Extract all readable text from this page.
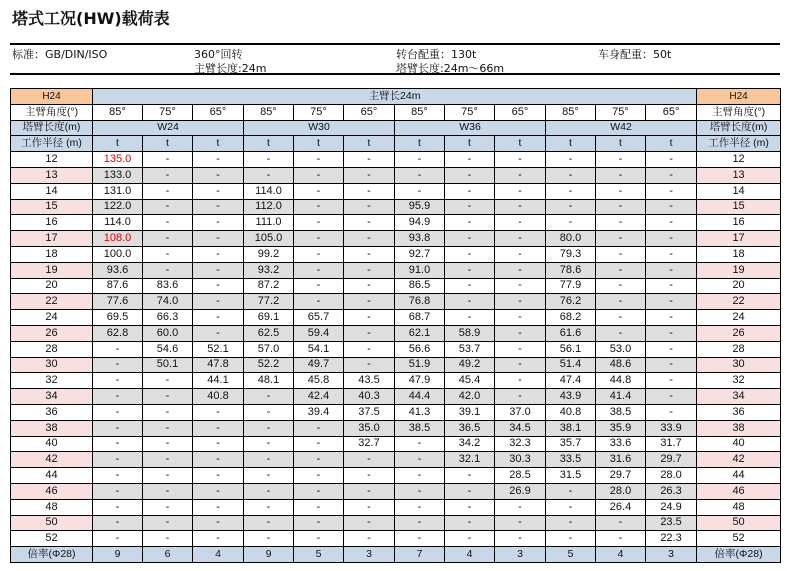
塔式工况(HW)载荷表
标准：GB/DIN/ISO	360°回转
主臂长度:24m
转台配重：130t
塔臂长度:24m～66m
车身配重：50t
H24	主臂长24m												H24
主臂角度(°)	85°	75°	65°	85°	75°	65°	85°	75°	65°	85°	75°	65°	主臂角度(°)
塔臂长度(m)	W24			W30			W36			W42			塔臂长度(m)
工作半径 (m)	t	t	t	t	t	t	t	t	t	t	t	t	工作半径 (m)
12	135.0	-	-	-	-	-	-	-	-	-	-	-	12
13	133.0	-	-	-	-	-	-	-	-	-	-	-	13
14	131.0	-	-	114.0	-	-	-	-	-	-	-	-	14
15	122.0	-	-	112.0	-	-	95.9	-	-	-	-	-	15
16	114.0	-	-	111.0	-	-	94.9	-	-	-	-	-	16
17	108.0	-	-	105.0	-	-	93.8	-	-	80.0	-	-	17
18	100.0	-	-	99.2	-	-	92.7	-	-	79.3	-	-	18
19	93.6	-	-	93.2	-	-	91.0	-	-	78.6	-	-	19
20	87.6	83.6	-	87.2	-	-	86.5	-	-	77.9	-	-	20
22	77.6	74.0	-	77.2	-	-	76.8	-	-	76.2	-	-	22
24	69.5	66.3	-	69.1	65.7	-	68.7	-	-	68.2	-	-	24
26	62.8	60.0	-	62.5	59.4	-	62.1	58.9	-	61.6	-	-	26
28	-	54.6	52.1	57.0	54.1	-	56.6	53.7	-	56.1	53.0	-	28
30	-	50.1	47.8	52.2	49.7	-	51.9	49.2	-	51.4	48.6	-	30
32	-	-	44.1	48.1	45.8	43.5	47.9	45.4	-	47.4	44.8	-	32
34	-	-	40.8	-	42.4	40.3	44.4	42.0	-	43.9	41.4	-	34
36	-	-	-	-	39.4	37.5	41.3	39.1	37.0	40.8	38.5	-	36
38	-	-	-	-	-	35.0	38.5	36.5	34.5	38.1	35.9	33.9	38
40	-	-	-	-	-	32.7	-	34.2	32.3	35.7	33.6	31.7	40
42	-	-	-	-	-	-	-	32.1	30.3	33.5	31.6	29.7	42
44	-	-	-	-	-	-	-	-	28.5	31.5	29.7	28.0	44
46	-	-	-	-	-	-	-	-	26.9	-	28.0	26.3	46
48	-	-	-	-	-	-	-	-	-	-	26.4	24.9	48
50	-	-	-	-	-	-	-	-	-	-	-	23.5	50
52	-	-	-	-	-	-	-	-	-	-	-	22.3	52
倍率(Φ28)	9	6	4	9	5	3	7	4	3	5	4	3	倍率(Φ28)
